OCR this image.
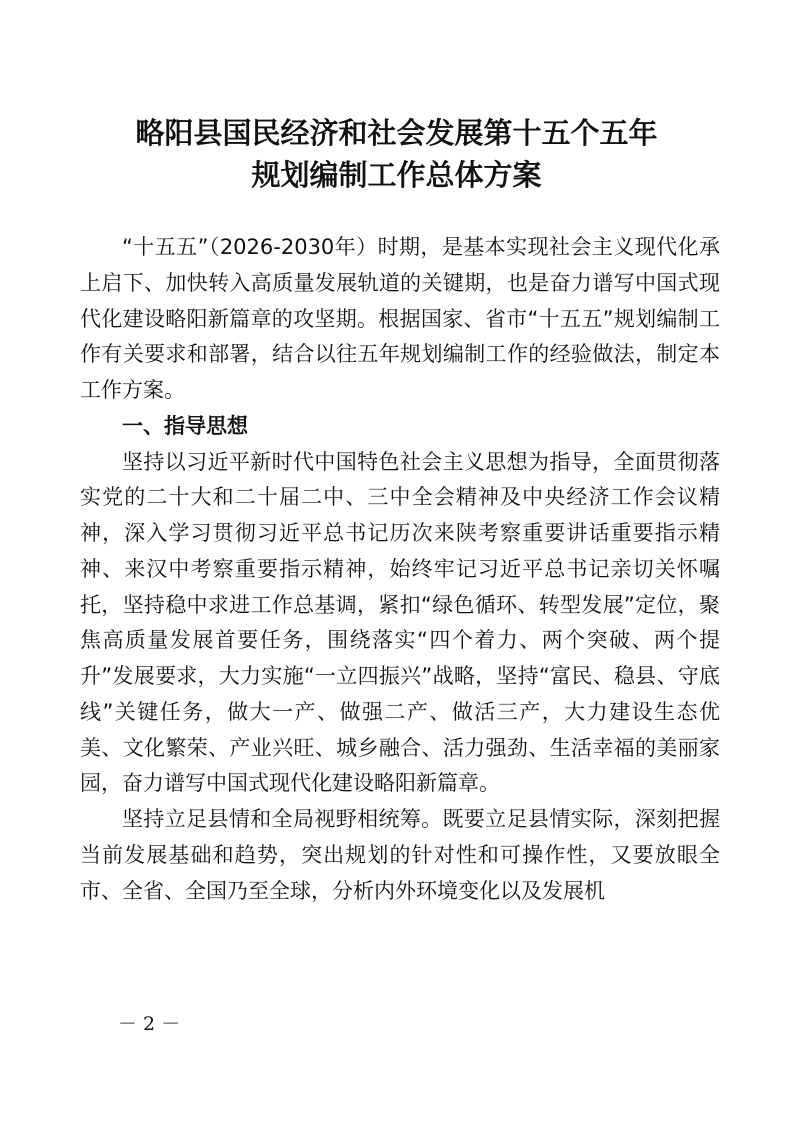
略阳县国民经济和社会发展第十五个五年
规划编制工作总体方案

“十五五”（2026-2030年）时期，是基本实现社会主义现代化承上启下、加快转入高质量发展轨道的关键期，也是奋力谱写中国式现代化建设略阳新篇章的攻坚期。根据国家、省市“十五五”规划编制工作有关要求和部署，结合以往五年规划编制工作的经验做法，制定本工作方案。

一、指导思想

坚持以习近平新时代中国特色社会主义思想为指导，全面贯彻落实党的二十大和二十届二中、三中全会精神及中央经济工作会议精神，深入学习贯彻习近平总书记历次来陕考察重要讲话重要指示精神、来汉中考察重要指示精神，始终牢记习近平总书记亲切关怀嘱托，坚持稳中求进工作总基调，紧扣“绿色循环、转型发展”定位，聚焦高质量发展首要任务，围绕落实“四个着力、两个突破、两个提升”发展要求，大力实施“一立四振兴”战略，坚持“富民、稳县、守底线”关键任务，做大一产、做强二产、做活三产，大力建设生态优美、文化繁荣、产业兴旺、城乡融合、活力强劲、生活幸福的美丽家园，奋力谱写中国式现代化建设略阳新篇章。

坚持立足县情和全局视野相统筹。既要立足县情实际，深刻把握当前发展基础和趋势，突出规划的针对性和可操作性，又要放眼全市、全省、全国乃至全球，分析内外环境变化以及发展机

－ 2 －
